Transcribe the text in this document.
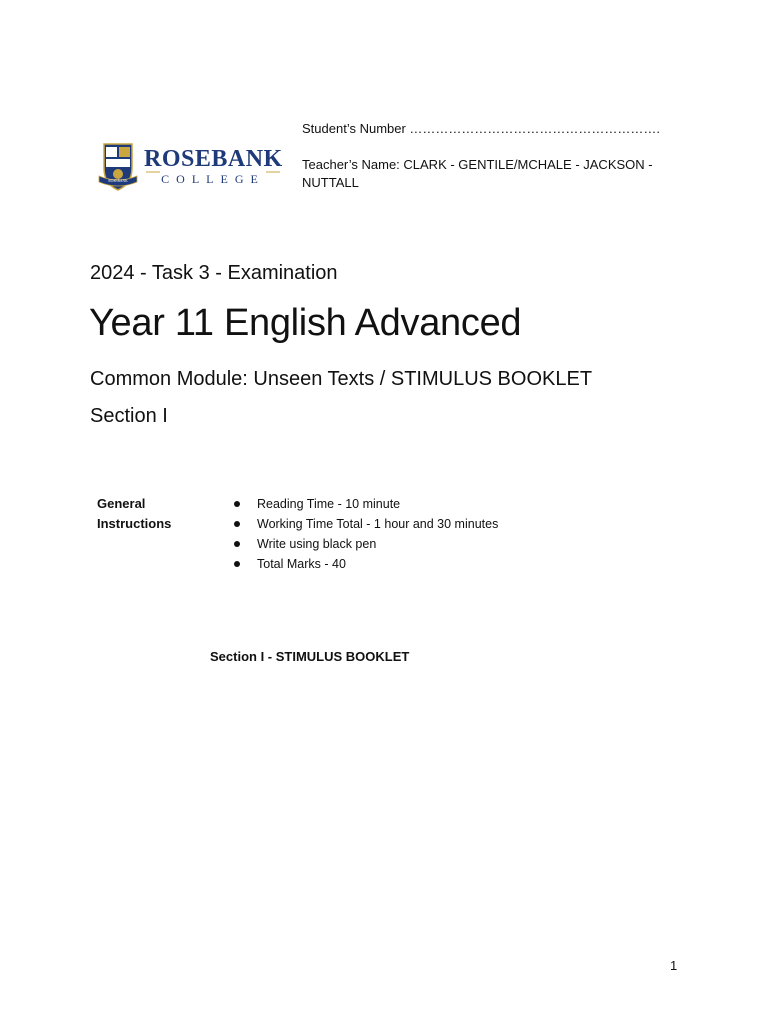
ROSEBANK
ROSEBANK
COLLEGE
Student’s Number ………………………………………………….
Teacher’s Name: CLARK - GENTILE/MCHALE - JACKSON - NUTTALL
2024 - Task 3 - Examination
Year 11 English Advanced
Common Module: Unseen Texts / STIMULUS BOOKLET
Section I
General Instructions
Reading Time - 10 minute
Working Time Total - 1 hour and 30 minutes
Write using black pen
Total Marks - 40
Section I - STIMULUS BOOKLET
1
